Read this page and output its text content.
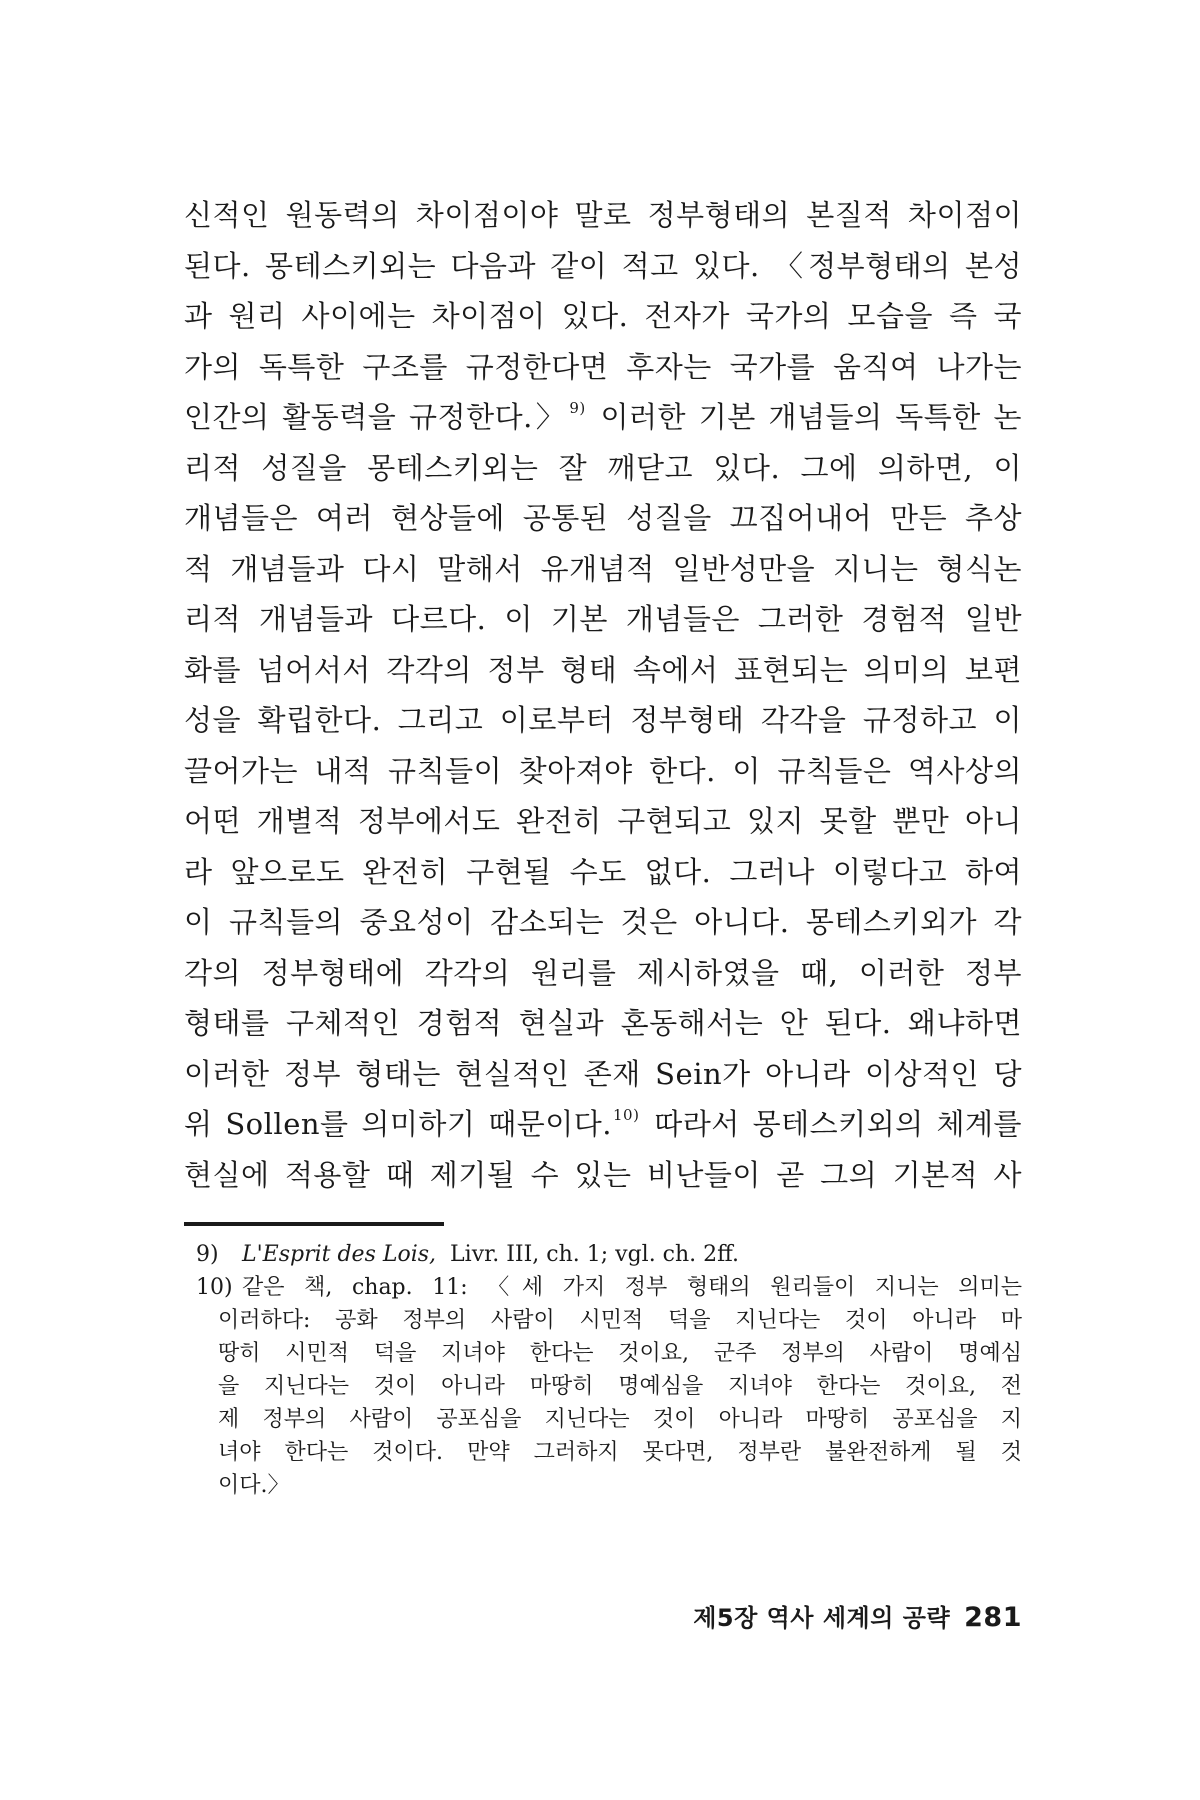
신적인 원동력의 차이점이야 말로 정부형태의 본질적 차이점이
된다. 몽테스키외는 다음과 같이 적고 있다. 〈정부형태의 본성
과 원리 사이에는 차이점이 있다. 전자가 국가의 모습을 즉 국
가의 독특한 구조를 규정한다면 후자는 국가를 움직여 나가는
인간의 활동력을 규정한다.〉$^{9)}$ 이러한 기본 개념들의 독특한 논
리적 성질을 몽테스키외는 잘 깨닫고 있다. 그에 의하면, 이
개념들은 여러 현상들에 공통된 성질을 끄집어내어 만든 추상
적 개념들과 다시 말해서 유개념적 일반성만을 지니는 형식논
리적 개념들과 다르다. 이 기본 개념들은 그러한 경험적 일반
화를 넘어서서 각각의 정부 형태 속에서 표현되는 의미의 보편
성을 확립한다. 그리고 이로부터 정부형태 각각을 규정하고 이
끌어가는 내적 규칙들이 찾아져야 한다. 이 규칙들은 역사상의
어떤 개별적 정부에서도 완전히 구현되고 있지 못할 뿐만 아니
라 앞으로도 완전히 구현될 수도 없다. 그러나 이렇다고 하여
이 규칙들의 중요성이 감소되는 것은 아니다. 몽테스키외가 각
각의 정부형태에 각각의 원리를 제시하였을 때, 이러한 정부
형태를 구체적인 경험적 현실과 혼동해서는 안 된다. 왜냐하면
이러한 정부 형태는 현실적인 존재 Sein가 아니라 이상적인 당
위 Sollen를 의미하기 때문이다.$^{10)}$ 따라서 몽테스키외의 체계를
현실에 적용할 때 제기될 수 있는 비난들이 곧 그의 기본적 사
9)	L'Esprit des Lois, Livr. III, ch. 1; vgl. ch. 2ff.
10) 같은 책, chap. 11: 〈세 가지 정부 형태의 원리들이 지니는 의미는
이러하다: 공화 정부의 사람이 시민적 덕을 지닌다는 것이 아니라 마
땅히 시민적 덕을 지녀야 한다는 것이요, 군주 정부의 사람이 명예심
을 지닌다는 것이 아니라 마땅히 명예심을 지녀야 한다는 것이요, 전
제 정부의 사람이 공포심을 지닌다는 것이 아니라 마땅히 공포심을 지
녀야 한다는 것이다. 만약 그러하지 못다면, 정부란 불완전하게 될 것
이다.〉
제5장 역사 세계의 공략 281
